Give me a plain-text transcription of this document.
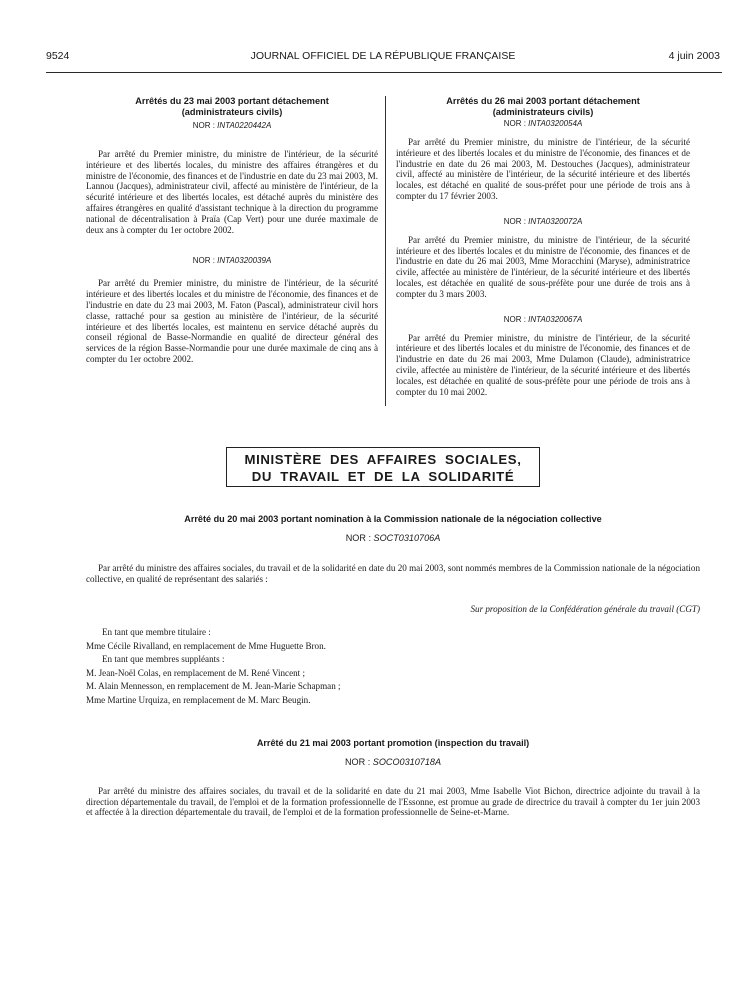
9524	JOURNAL OFFICIEL DE LA RÉPUBLIQUE FRANÇAISE	4 juin 2003

Arrêtés du 23 mai 2003 portant détachement

(administrateurs civils)

NOR : INTA0220442A

Par arrêté du Premier ministre, du ministre de l'intérieur, de la sécurité intérieure et des libertés locales, du ministre des affaires étrangères et du ministre de l'économie, des finances et de l'industrie en date du 23 mai 2003, M. Lannou (Jacques), administrateur civil, affecté au ministère de l'intérieur, de la sécurité intérieure et des libertés locales, est détaché auprès du ministère des affaires étrangères en qualité d'assistant technique à la direction du programme national de décentralisation à Praïa (Cap Vert) pour une durée maximale de deux ans à compter du 1er octobre 2002.

NOR : INTA0320039A

Par arrêté du Premier ministre, du ministre de l'intérieur, de la sécurité intérieure et des libertés locales et du ministre de l'économie, des finances et de l'industrie en date du 23 mai 2003, M. Faton (Pascal), administrateur civil hors classe, rattaché pour sa gestion au ministère de l'intérieur, de la sécurité intérieure et des libertés locales, est maintenu en service détaché auprès du conseil régional de Basse-Normandie en qualité de directeur général des services de la région Basse-Normandie pour une durée maximale de cinq ans à compter du 1er octobre 2002.

Arrêtés du 26 mai 2003 portant détachement

(administrateurs civils)

NOR : INTA0320054A

Par arrêté du Premier ministre, du ministre de l'intérieur, de la sécurité intérieure et des libertés locales et du ministre de l'économie, des finances et de l'industrie en date du 26 mai 2003, M. Destouches (Jacques), administrateur civil, affecté au ministère de l'intérieur, de la sécurité intérieure et des libertés locales, est détaché en qualité de sous-préfet pour une période de trois ans à compter du 17 février 2003.

NOR : INTA0320072A

Par arrêté du Premier ministre, du ministre de l'intérieur, de la sécurité intérieure et des libertés locales et du ministre de l'économie, des finances et de l'industrie en date du 26 mai 2003, Mme Moracchini (Maryse), administratrice civile, affectée au ministère de l'intérieur, de la sécurité intérieure et des libertés locales, est détachée en qualité de sous-préfète pour une durée de trois ans à compter du 3 mars 2003.

NOR : INTA0320067A

Par arrêté du Premier ministre, du ministre de l'intérieur, de la sécurité intérieure et des libertés locales et du ministre de l'économie, des finances et de l'industrie en date du 26 mai 2003, Mme Dulamon (Claude), administratrice civile, affectée au ministère de l'intérieur, de la sécurité intérieure et des libertés locales, est détachée en qualité de sous-préfète pour une période de trois ans à compter du 10 mai 2002.

MINISTÈRE DES AFFAIRES SOCIALES,
DU TRAVAIL ET DE LA SOLIDARITÉ

Arrêté du 20 mai 2003 portant nomination à la Commission nationale de la négociation collective

NOR : SOCT0310706A

Par arrêté du ministre des affaires sociales, du travail et de la solidarité en date du 20 mai 2003, sont nommés membres de la Commission nationale de la négociation collective, en qualité de représentant des salariés :

Sur proposition de la Confédération générale du travail (CGT)

En tant que membre titulaire :

Mme Cécile Rivalland, en remplacement de Mme Huguette Bron.

En tant que membres suppléants :

M. Jean-Noël Colas, en remplacement de M. René Vincent ;

M. Alain Mennesson, en remplacement de M. Jean-Marie Schapman ;

Mme Martine Urquiza, en remplacement de M. Marc Beugin.

Arrêté du 21 mai 2003 portant promotion (inspection du travail)

NOR : SOCO0310718A

Par arrêté du ministre des affaires sociales, du travail et de la solidarité en date du 21 mai 2003, Mme Isabelle Viot Bichon, directrice adjointe du travail à la direction départementale du travail, de l'emploi et de la formation professionnelle de l'Essonne, est promue au grade de directrice du travail à compter du 1er juin 2003 et affectée à la direction départementale du travail, de l'emploi et de la formation professionnelle de Seine-et-Marne.
